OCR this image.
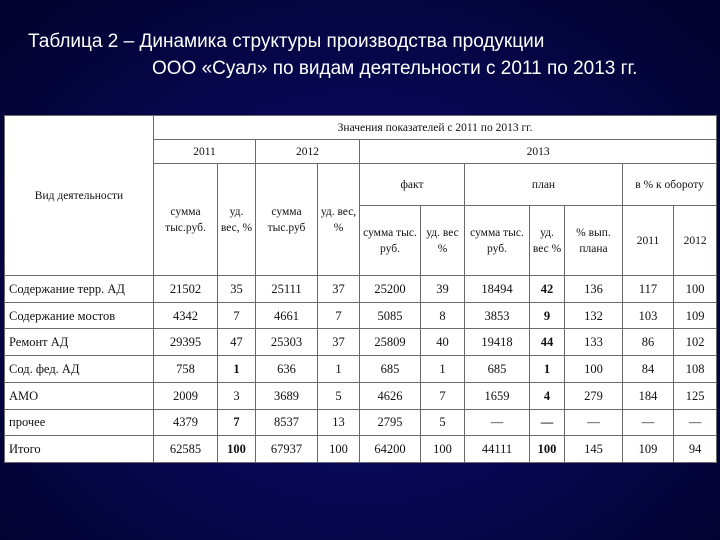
Таблица 2 – Динамика структуры производства продукции
ООО «Суал» по видам деятельности с 2011 по 2013 гг.
Вид деятельности	Значения показателей с 2011 по 2013 гг.										
	2011		2012		2013						
	сумма тыс.руб.	уд. вес, %	сумма тыс.руб	уд. вес, %	факт		план			в % к обороту	
					сумма тыс. руб.	уд. вес %	сумма тыс. руб.	уд. вес %	% вып. плана	2011	2012
Содержание терр. АД	21502	35	25111	37	25200	39	18494	42	136	117	100
Содержание мостов	4342	7	4661	7	5085	8	3853	9	132	103	109
Ремонт АД	29395	47	25303	37	25809	40	19418	44	133	86	102
Сод. фед. АД	758	1	636	1	685	1	685	1	100	84	108
АМО	2009	3	3689	5	4626	7	1659	4	279	184	125
прочее	4379	7	8537	13	2795	5	—	—	—	—	—
Итого	62585	100	67937	100	64200	100	44111	100	145	109	94
